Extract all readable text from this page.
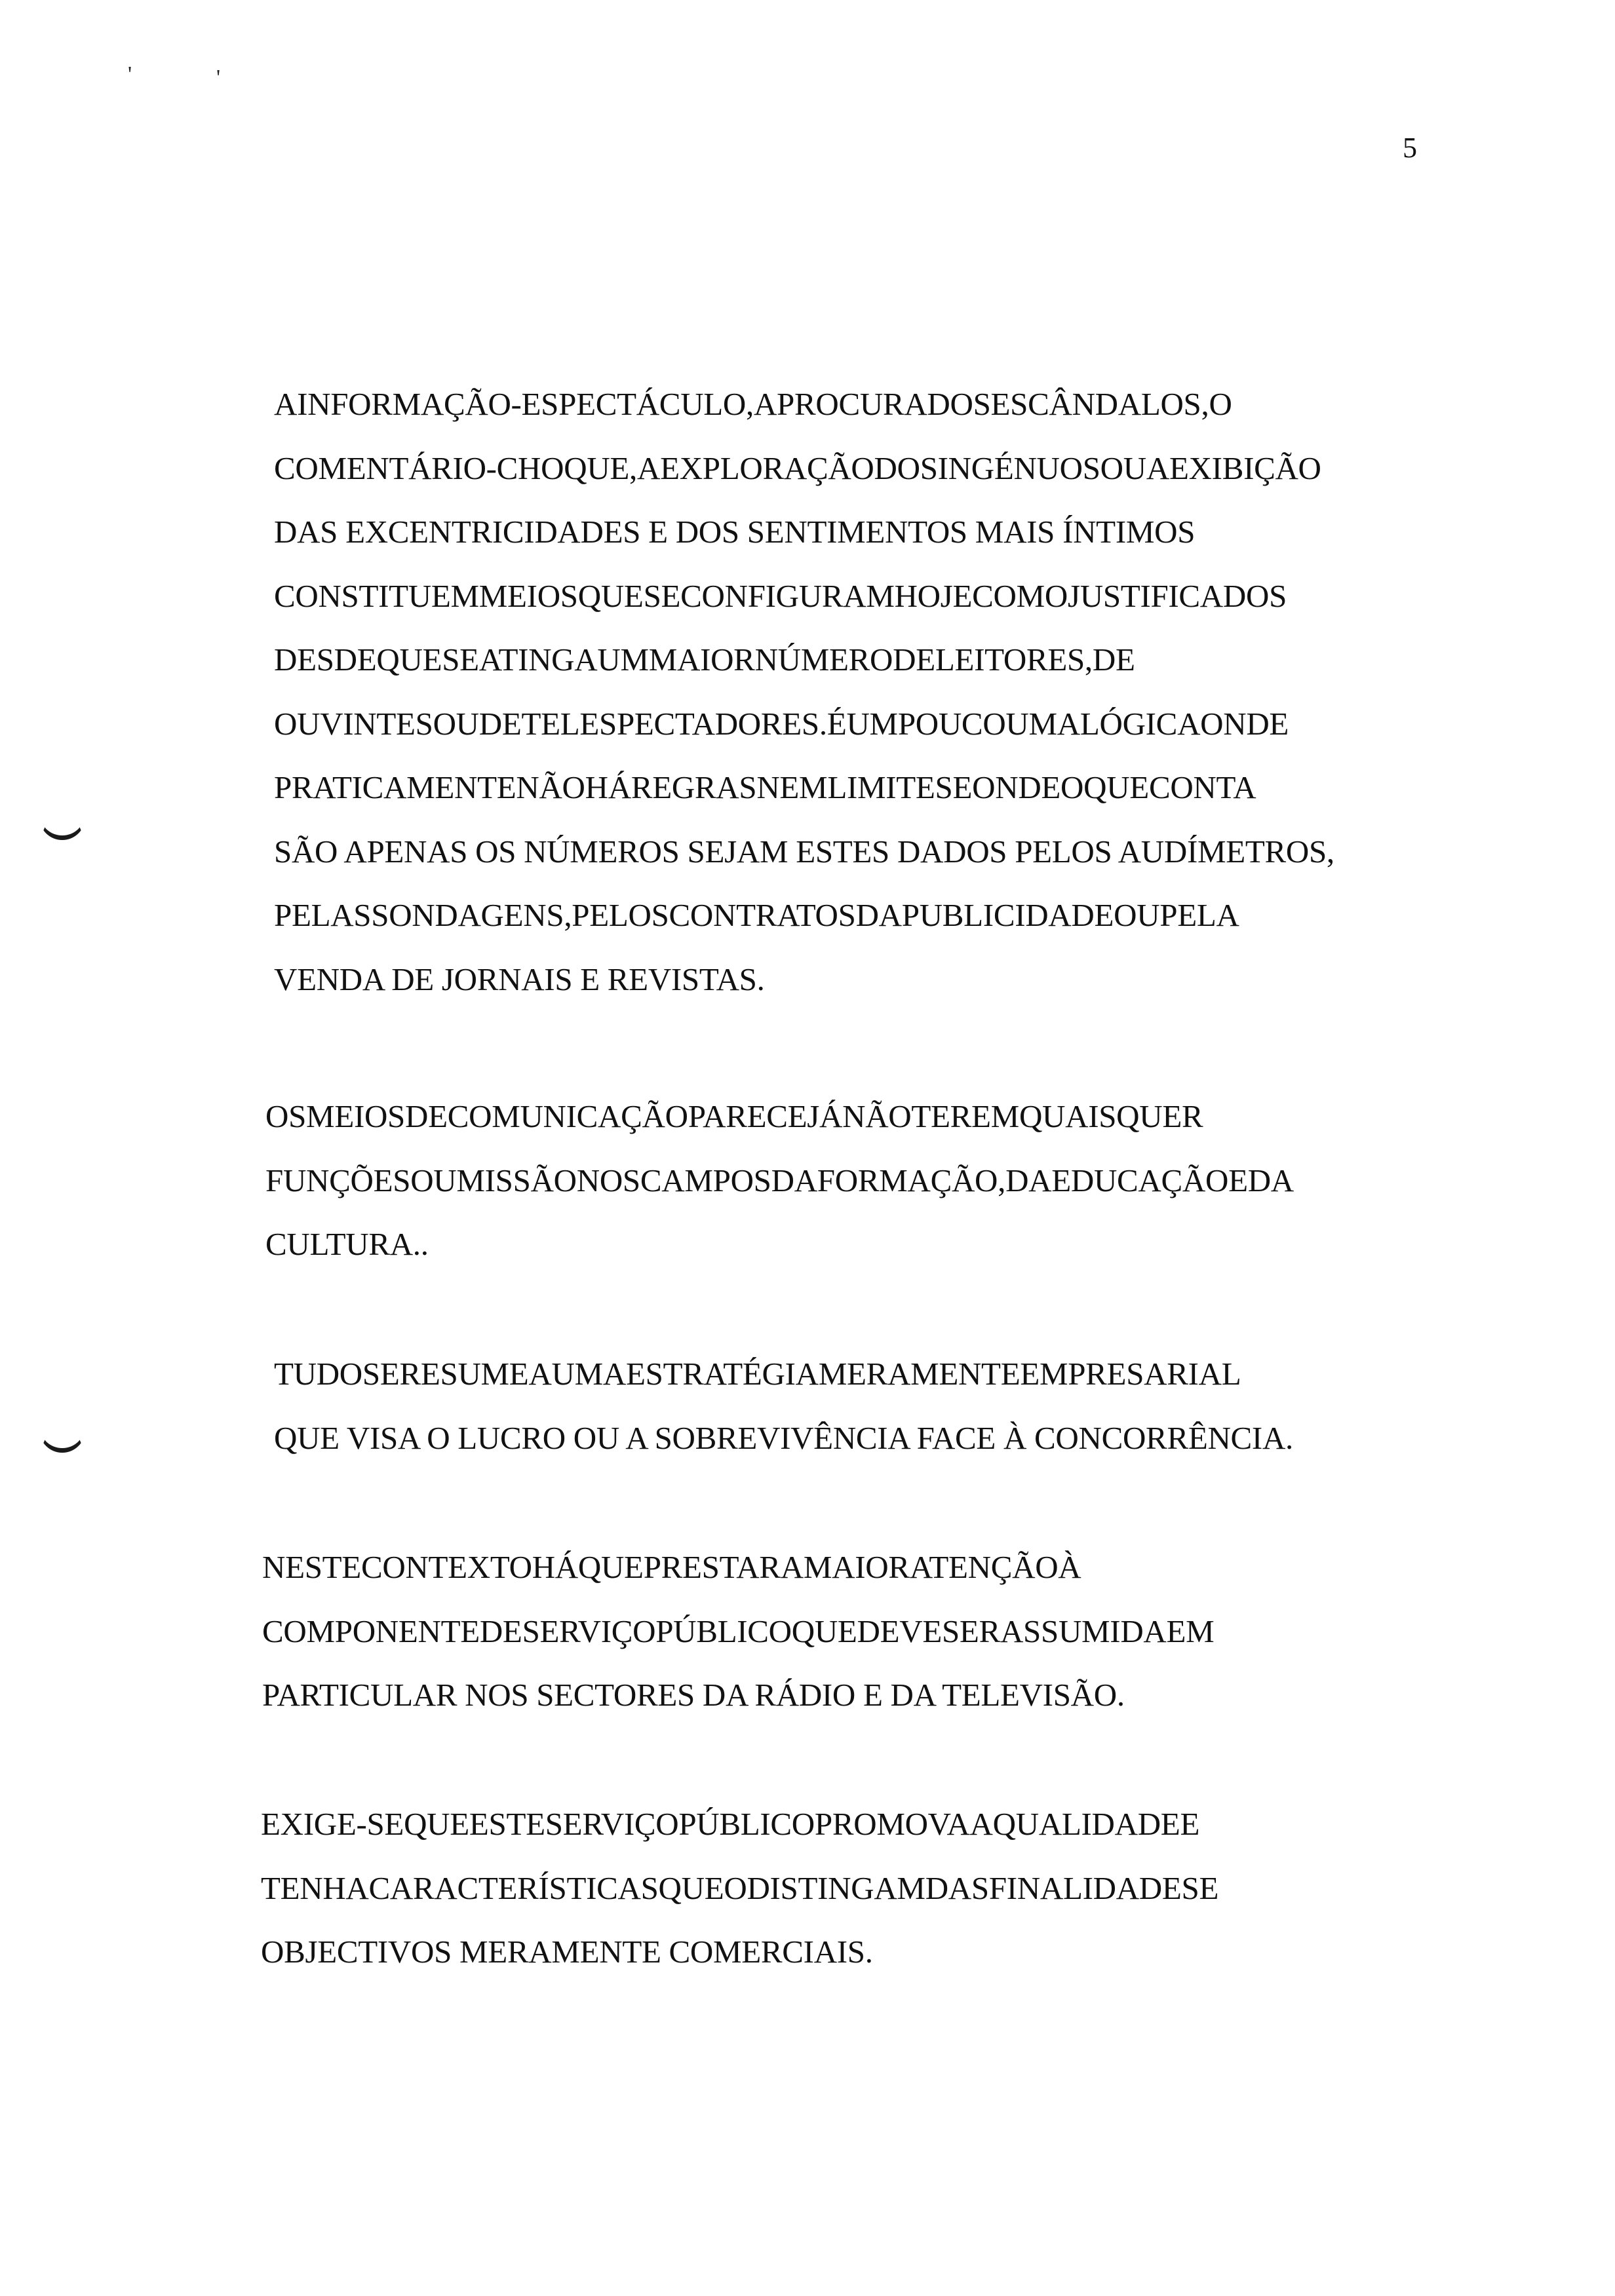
'	'
5
AINFORMAÇÃO-ESPECTÁCULO,APROCURADOSESCÂNDALOS,O
COMENTÁRIO-CHOQUE,AEXPLORAÇÃODOSINGÉNUOSOUAEXIBIÇÃO
DAS EXCENTRICIDADES E DOS SENTIMENTOS MAIS ÍNTIMOS
CONSTITUEMMEIOSQUESECONFIGURAMHOJECOMOJUSTIFICADOS
DESDEQUESEATINGAUMMAIORNÚMERODELEITORES,DE
OUVINTESOUDETELESPECTADORES.ÉUMPOUCOUMALÓGICAONDE
PRATICAMENTENÃOHÁREGRASNEMLIMITESEONDEOQUECONTA
SÃO APENAS OS NÚMEROS SEJAM ESTES DADOS PELOS AUDÍMETROS,
PELASSONDAGENS,PELOSCONTRATOSDAPUBLICIDADEOUPELA
VENDA DE JORNAIS E REVISTAS.
OSMEIOSDECOMUNICAÇÃOPARECEJÁNÃOTEREMQUAISQUER
FUNÇÕESOUMISSÃONOSCAMPOSDAFORMAÇÃO,DAEDUCAÇÃOEDA
CULTURA..
TUDOSERESUMEAUMAESTRATÉGIAMERAMENTEEMPRESARIAL
QUE VISA O LUCRO OU A SOBREVIVÊNCIA FACE À CONCORRÊNCIA.
NESTECONTEXTOHÁQUEPRESTARAMAIORATENÇÃOÀ
COMPONENTEDESERVIÇOPÚBLICOQUEDEVESERASSUMIDAEM
PARTICULAR NOS SECTORES DA RÁDIO E DA TELEVISÃO.
EXIGE-SEQUEESTESERVIÇOPÚBLICOPROMOVAAQUALIDADEE
TENHACARACTERÍSTICASQUEODISTINGAMDASFINALIDADESE
OBJECTIVOS MERAMENTE COMERCIAIS.
